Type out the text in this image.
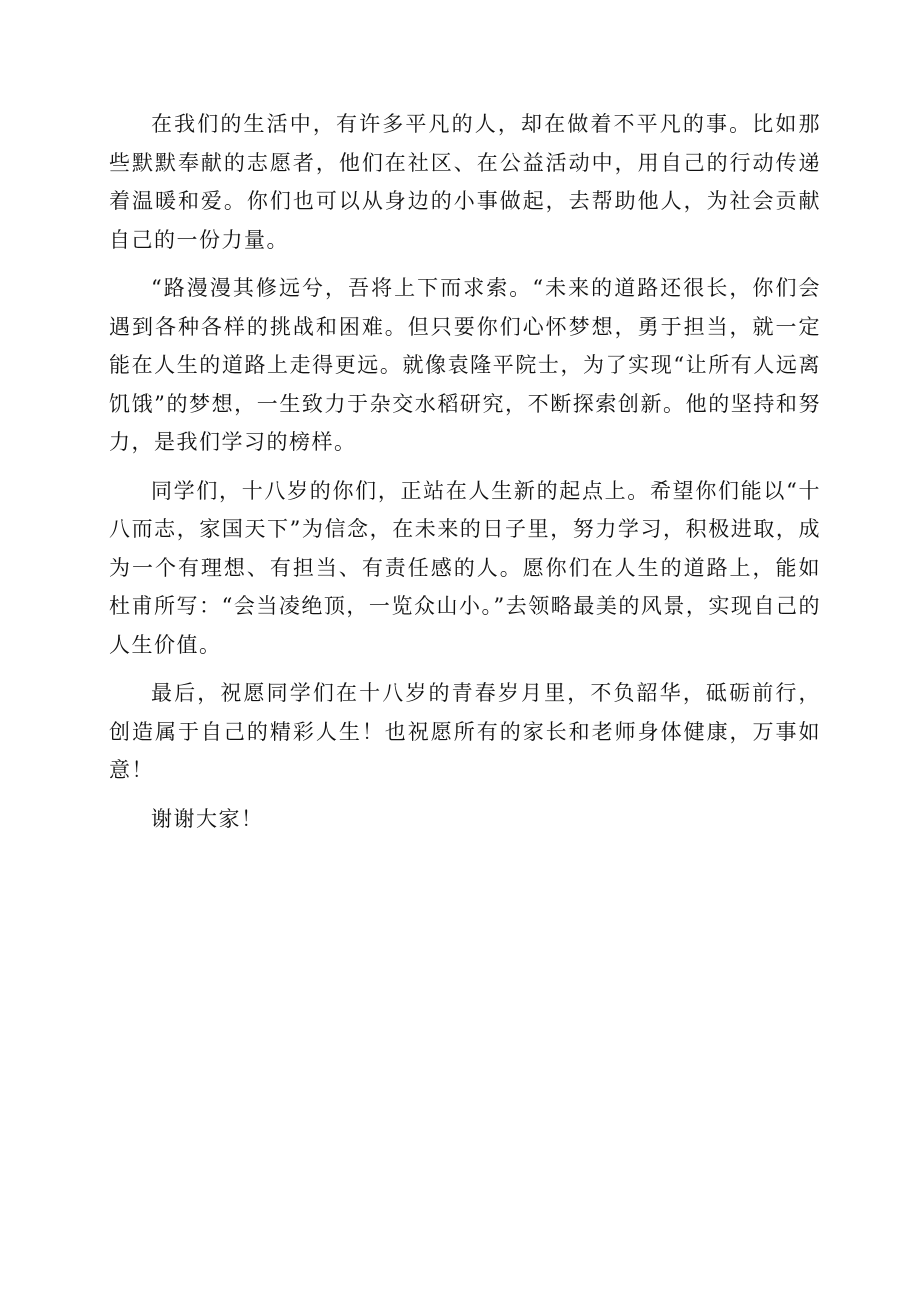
在我们的生活中，有许多平凡的人，却在做着不平凡的事。比如那些默默奉献的志愿者，他们在社区、在公益活动中，用自己的行动传递着温暖和爱。你们也可以从身边的小事做起，去帮助他人，为社会贡献自己的一份力量。

“路漫漫其修远兮，吾将上下而求索。“未来的道路还很长，你们会遇到各种各样的挑战和困难。但只要你们心怀梦想，勇于担当，就一定能在人生的道路上走得更远。就像袁隆平院士，为了实现“让所有人远离饥饿”的梦想，一生致力于杂交水稻研究，不断探索创新。他的坚持和努力，是我们学习的榜样。

同学们，十八岁的你们，正站在人生新的起点上。希望你们能以“十八而志，家国天下”为信念，在未来的日子里，努力学习，积极进取，成为一个有理想、有担当、有责任感的人。愿你们在人生的道路上，能如杜甫所写：“会当凌绝顶，一览众山小。”去领略最美的风景，实现自己的人生价值。

最后，祝愿同学们在十八岁的青春岁月里，不负韶华，砥砺前行，创造属于自己的精彩人生！也祝愿所有的家长和老师身体健康，万事如意！

谢谢大家！
